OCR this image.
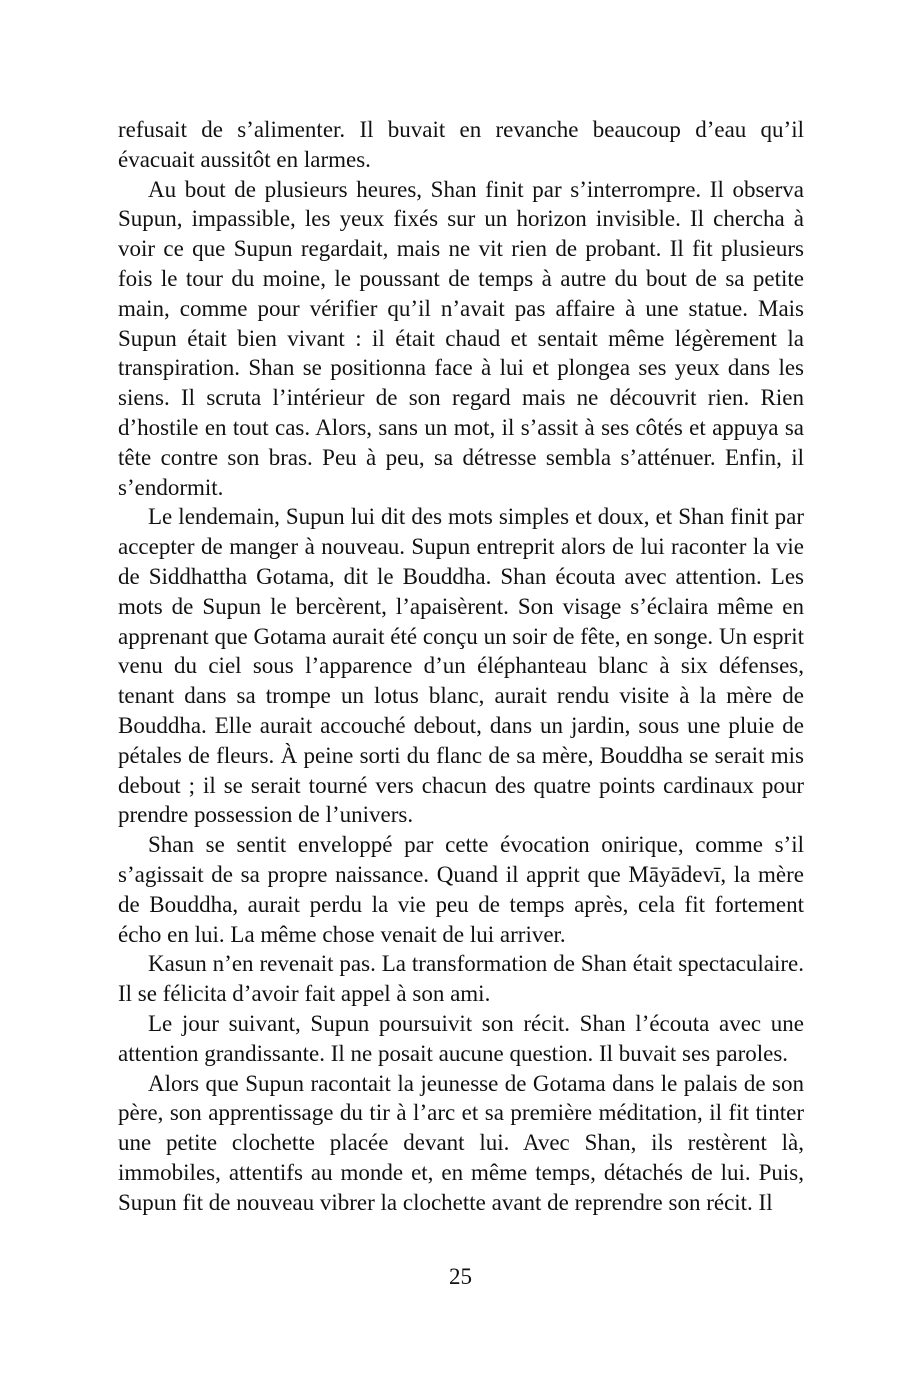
refusait de s’alimenter. Il buvait en revanche beaucoup d’eau qu’il évacuait aussitôt en larmes.

Au bout de plusieurs heures, Shan finit par s’interrompre. Il observa Supun, impassible, les yeux fixés sur un horizon invisible. Il chercha à voir ce que Supun regardait, mais ne vit rien de probant. Il fit plusieurs fois le tour du moine, le poussant de temps à autre du bout de sa petite main, comme pour vérifier qu’il n’avait pas affaire à une statue. Mais Supun était bien vivant : il était chaud et sentait même légèrement la transpiration. Shan se positionna face à lui et plongea ses yeux dans les siens. Il scruta l’intérieur de son regard mais ne découvrit rien. Rien d’hostile en tout cas. Alors, sans un mot, il s’assit à ses côtés et appuya sa tête contre son bras. Peu à peu, sa détresse sembla s’atténuer. Enfin, il s’endormit.

Le lendemain, Supun lui dit des mots simples et doux, et Shan finit par accepter de manger à nouveau. Supun entreprit alors de lui raconter la vie de Siddhattha Gotama, dit le Bouddha. Shan écouta avec attention. Les mots de Supun le bercèrent, l’apaisèrent. Son visage s’éclaira même en apprenant que Gotama aurait été conçu un soir de fête, en songe. Un esprit venu du ciel sous l’apparence d’un éléphanteau blanc à six défenses, tenant dans sa trompe un lotus blanc, aurait rendu visite à la mère de Bouddha. Elle aurait accouché debout, dans un jardin, sous une pluie de pétales de fleurs. À peine sorti du flanc de sa mère, Bouddha se serait mis debout ; il se serait tourné vers chacun des quatre points cardinaux pour prendre possession de l’univers.

Shan se sentit enveloppé par cette évocation onirique, comme s’il s’agissait de sa propre naissance. Quand il apprit que Māyādevī, la mère de Bouddha, aurait perdu la vie peu de temps après, cela fit fortement écho en lui. La même chose venait de lui arriver.

Kasun n’en revenait pas. La transformation de Shan était spectaculaire. Il se félicita d’avoir fait appel à son ami.

Le jour suivant, Supun poursuivit son récit. Shan l’écouta avec une attention grandissante. Il ne posait aucune question. Il buvait ses paroles.

Alors que Supun racontait la jeunesse de Gotama dans le palais de son père, son apprentissage du tir à l’arc et sa première méditation, il fit tinter une petite clochette placée devant lui. Avec Shan, ils restèrent là, immobiles, attentifs au monde et, en même temps, détachés de lui. Puis, Supun fit de nouveau vibrer la clochette avant de reprendre son récit. Il

25
